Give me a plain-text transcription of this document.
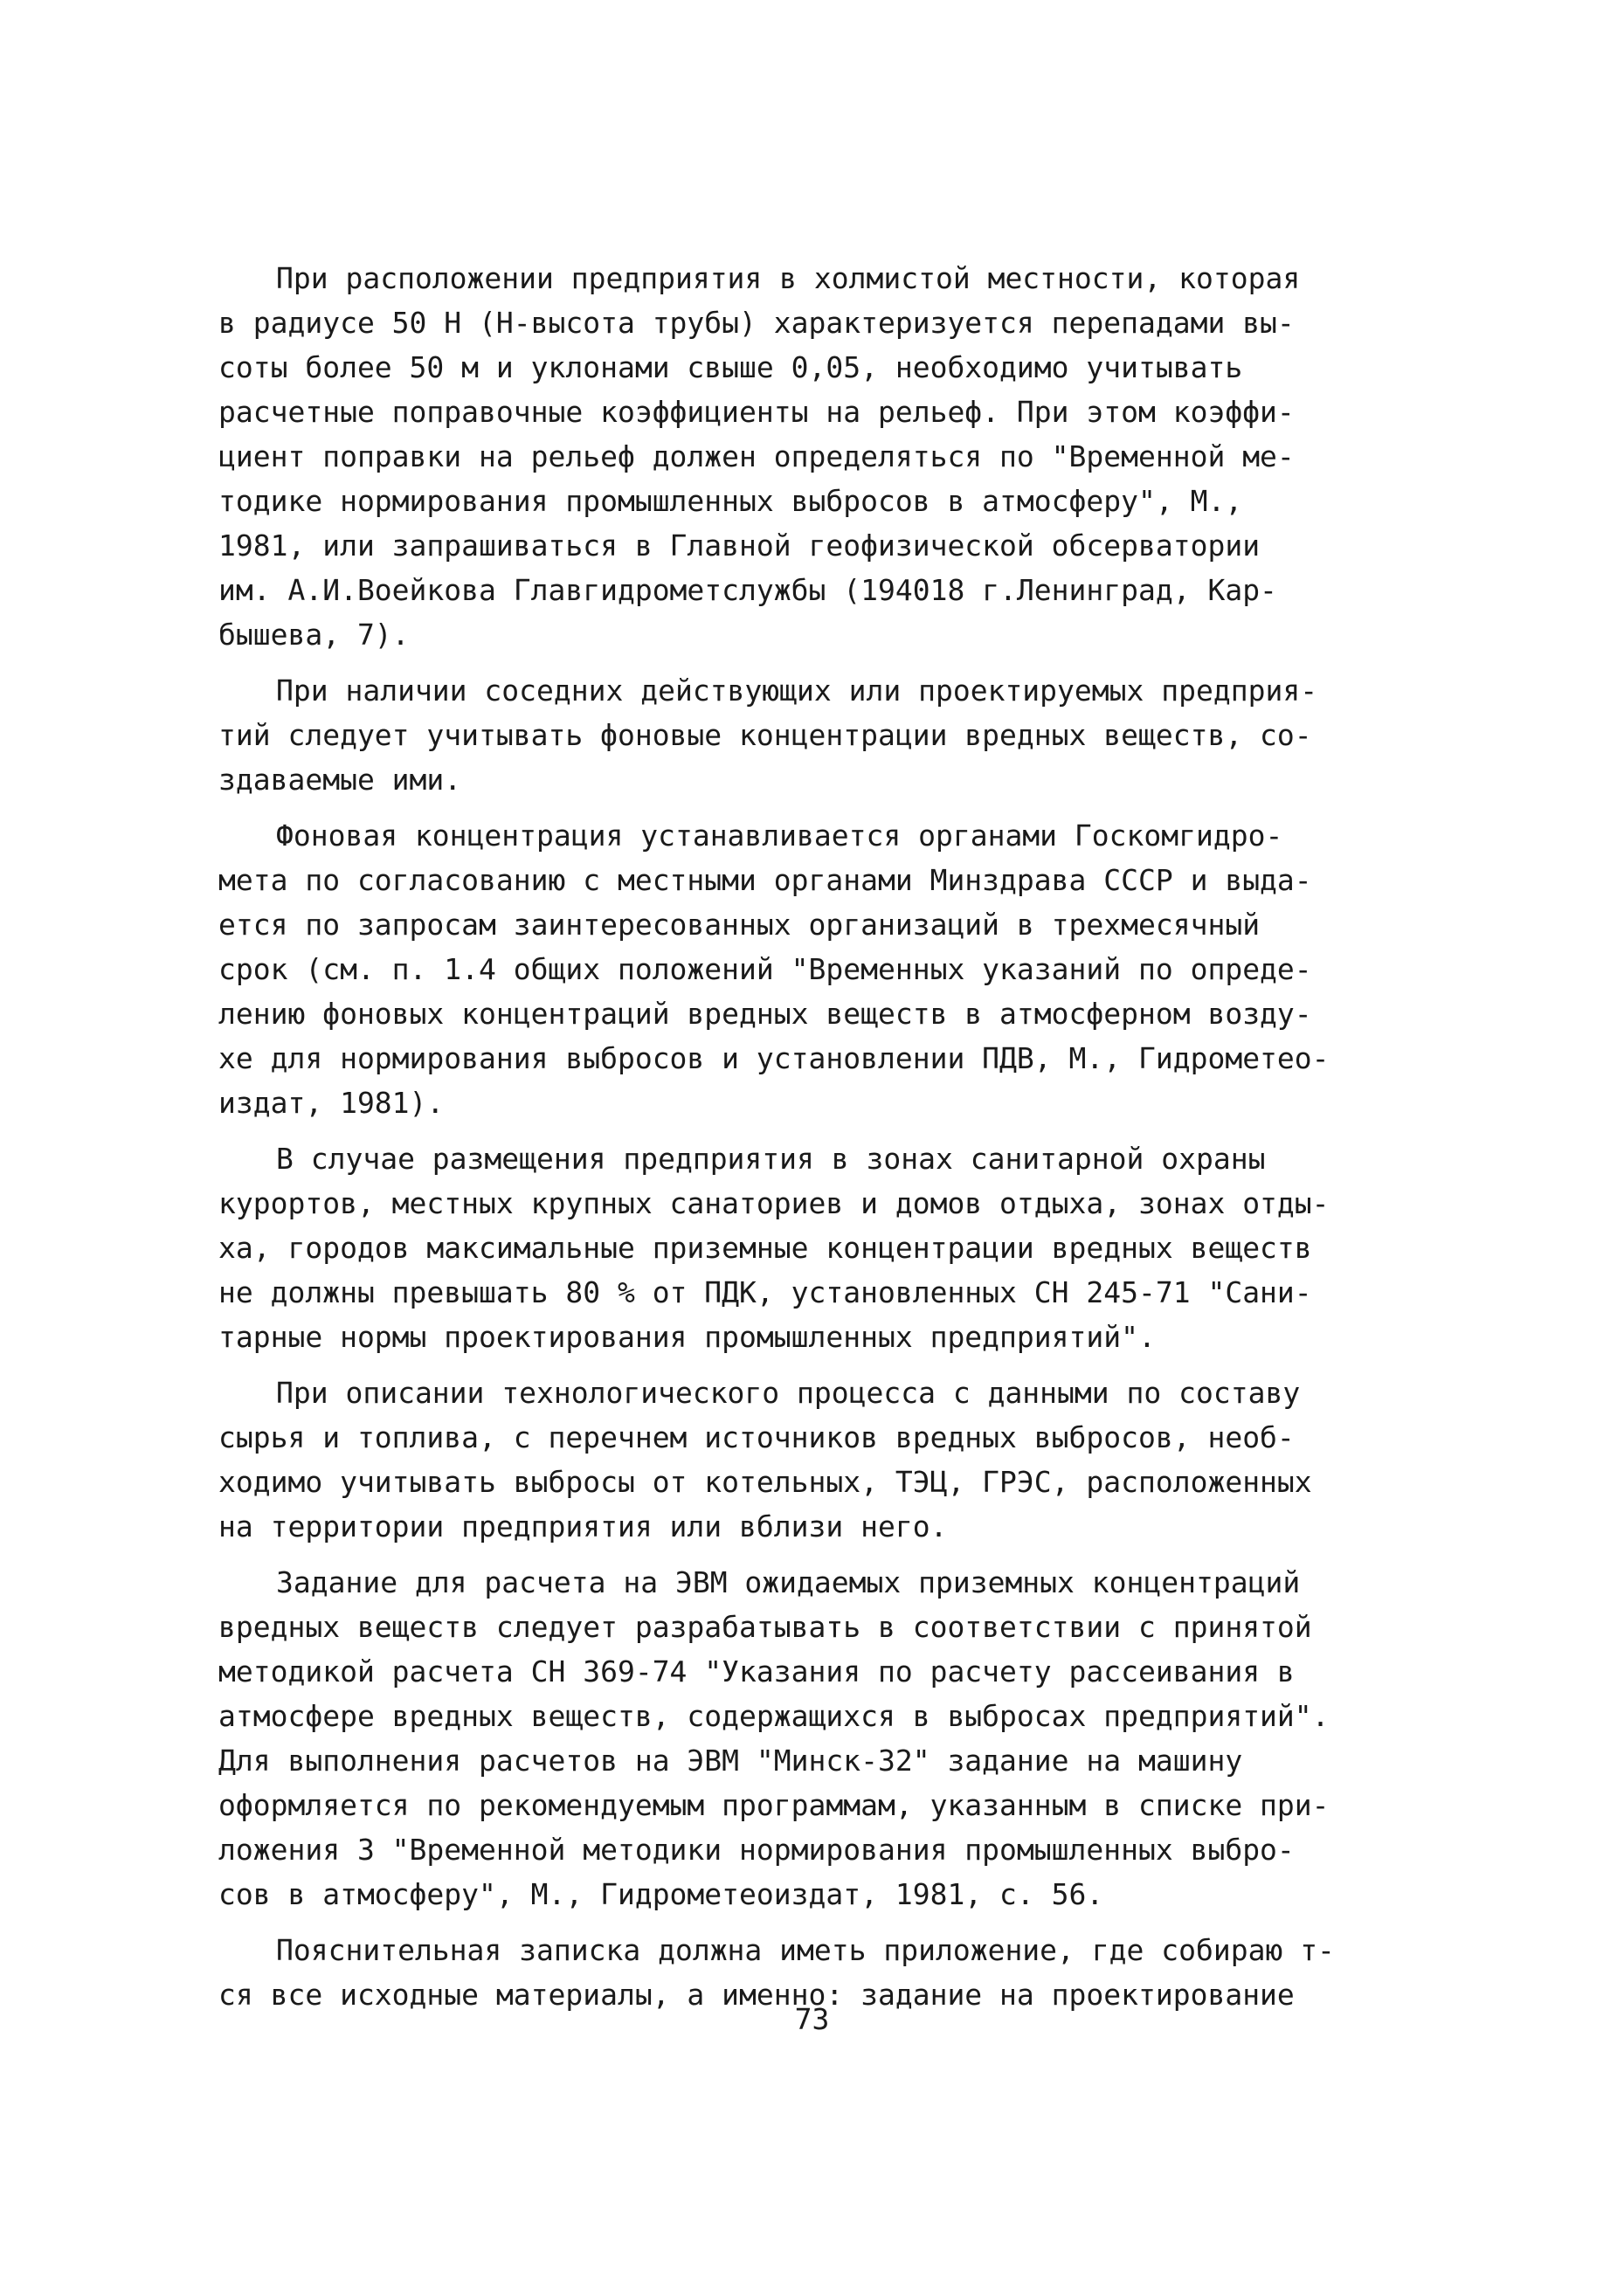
При расположении предприятия в холмистой местности, которая
в радиусе 50 Н (Н-высота трубы) характеризуется перепадами вы-
соты более 50 м и уклонами свыше 0,05, необходимо учитывать
расчетные поправочные коэффициенты на рельеф. При этом коэффи-
циент поправки на рельеф должен определяться по "Временной ме-
тодике нормирования промышленных выбросов в атмосферу", М.,
1981, или запрашиваться в Главной геофизической обсерватории
им. А.И.Воейкова Главгидрометслужбы (194018 г.Ленинград, Кар-
бышева, 7).
При наличии соседних действующих или проектируемых предприя-
тий следует учитывать фоновые концентрации вредных веществ, со-
здаваемые ими.
Фоновая концентрация устанавливается органами Госкомгидро-
мета по согласованию с местными органами Минздрава СССР и выда-
ется по запросам заинтересованных организаций в трехмесячный
срок (см. п. 1.4 общих положений "Временных указаний по опреде-
лению фоновых концентраций вредных веществ в атмосферном возду-
хе для нормирования выбросов и установлении ПДВ, М., Гидрометео-
издат, 1981).
В случае размещения предприятия в зонах санитарной охраны
курортов, местных крупных санаториев и домов отдыха, зонах отды-
ха, городов максимальные приземные концентрации вредных веществ
не должны превышать 80 % от ПДК, установленных СН 245-71 "Сани-
тарные нормы проектирования промышленных предприятий".
При описании технологического процесса с данными по составу
сырья и топлива, с перечнем источников вредных выбросов, необ-
ходимо учитывать выбросы от котельных, ТЭЦ, ГРЭС, расположенных
на территории предприятия или вблизи него.
Задание для расчета на ЭВМ ожидаемых приземных концентраций
вредных веществ следует разрабатывать в соответствии с принятой
методикой расчета СН 369-74 "Указания по расчету рассеивания в
атмосфере вредных веществ, содержащихся в выбросах предприятий".
Для выполнения расчетов на ЭВМ "Минск-32" задание на машину
оформляется по рекомендуемым программам, указанным в списке при-
ложения 3 "Временной методики нормирования промышленных выбро-
сов в атмосферу", М., Гидрометеоиздат, 1981, с. 56.
Пояснительная записка должна иметь приложение, где собираю т-
ся все исходные материалы, а именно: задание на проектирование
73
